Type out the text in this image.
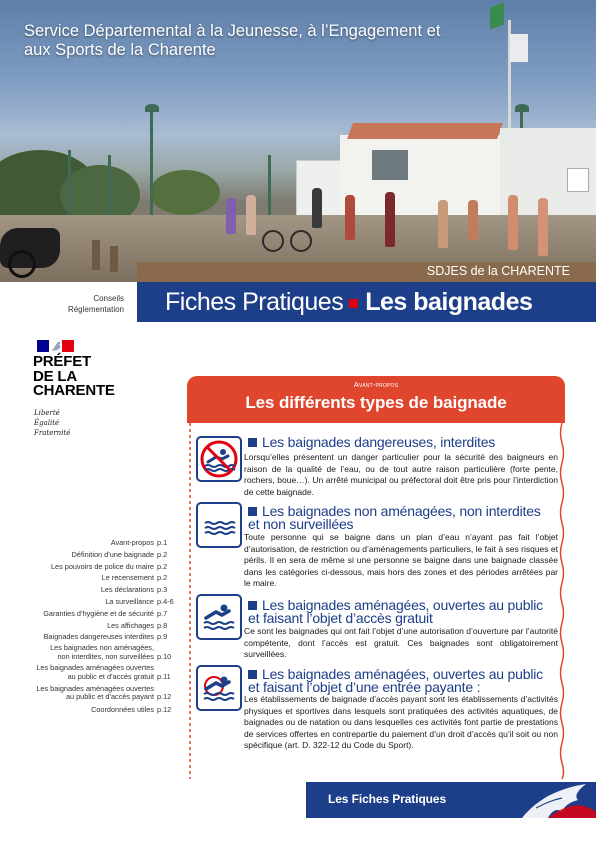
Service Départemental à la Jeunesse, à l’Engagement et
aux Sports de la Charente
SDJES de la CHARENTE
Fiches Pratiques Les baignades
Conseils
Réglementation
PRÉFET
DE LA
CHARENTE
Liberté
Égalité
Fraternité
Avant-propos p.1
Définition d’une baignade p.2
Les pouvoirs de police du maire p.2
Le recensement p.2
Les déclarations p.3
La surveillance p.4-6
Garanties d’hygiène et de sécurité p.7
Les affichages p.8
Baignades dangereuses interdites p.9
Les baignades non aménagées,
non interdites, non surveillées p.10
Les baignades aménagées ouvertes
au public et d’accès gratuit p.11
Les baignades aménagées ouvertes
au public et d’accès payant p.12
Coordonnées utiles p.12
Avant-propos
Les différents types de baignade
Les baignades dangereuses, interdites
Lorsqu’elles présentent un danger particulier pour la sécurité des baigneurs en raison de la qualité de l’eau, ou de tout autre raison particulière (forte pente, rochers, boue…). Un arrêté municipal ou préfectoral doit être pris pour l’interdiction de cette baignade.
Les baignades non aménagées, non interdites
et non surveillées
Toute personne qui se baigne dans un plan d’eau n’ayant pas fait l’objet d’autorisation, de restriction ou d’aménagements particuliers, le fait à ses risques et périls. Il en sera de même si une personne se baigne dans une baignade classée dans les catégories ci-dessous, mais hors des zones et des périodes arrêtées par le maire.
Les baignades aménagées, ouvertes au public
et faisant l’objet d’accès gratuit
Ce sont les baignades qui ont fait l’objet d’une autorisation d’ouverture par l’autorité compétente, dont l’accès est gratuit. Ces baignades sont obligatoirement surveillées.
Les baignades aménagées, ouvertes au public
et faisant l’objet d’une entrée payante :
Les établissements de baignade d’accès payant sont les établissements d’activités physiques et sportives dans lesquels sont pratiquées des activités aquatiques, de baignades ou de natation ou dans lesquelles ces activités font partie de prestations de services offertes en contrepartie du paiement d’un droit d’accès qu’il soit ou non spécifique (art. D. 322-12 du Code du Sport).
Les Fiches Pratiques
